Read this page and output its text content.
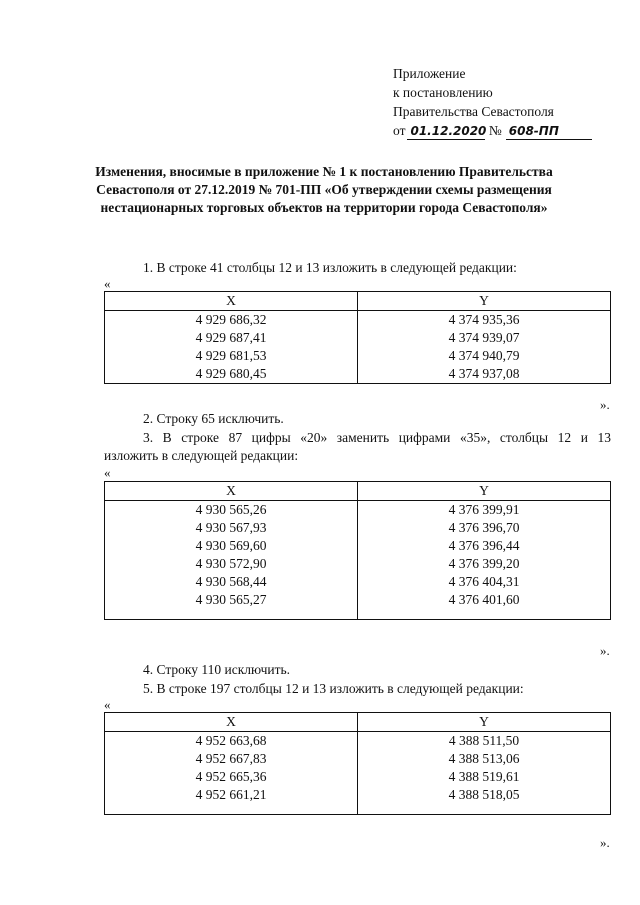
Приложение
к постановлению
Правительства Севастополя
от 01.12.2020 № 608-ПП
Изменения, вносимые в приложение № 1 к постановлению Правительства Севастополя от 27.12.2019 № 701-ПП «Об утверждении схемы размещения нестационарных торговых объектов на территории города Севастополя»
1. В строке 41 столбцы 12 и 13 изложить в следующей редакции:
«
X	Y
4 929 686,32	4 374 935,36
4 929 687,41	4 374 939,07
4 929 681,53	4 374 940,79
4 929 680,45	4 374 937,08
».
2. Строку 65 исключить.
3. В строке 87 цифры «20» заменить цифрами «35», столбцы 12 и 13
изложить в следующей редакции:
«
X	Y
4 930 565,26	4 376 399,91
4 930 567,93	4 376 396,70
4 930 569,60	4 376 396,44
4 930 572,90	4 376 399,20
4 930 568,44	4 376 404,31
4 930 565,27	4 376 401,60

».
4. Строку 110 исключить.
5. В строке 197 столбцы 12 и 13 изложить в следующей редакции:
«
X	Y
4 952 663,68	4 388 511,50
4 952 667,83	4 388 513,06
4 952 665,36	4 388 519,61
4 952 661,21	4 388 518,05

».
